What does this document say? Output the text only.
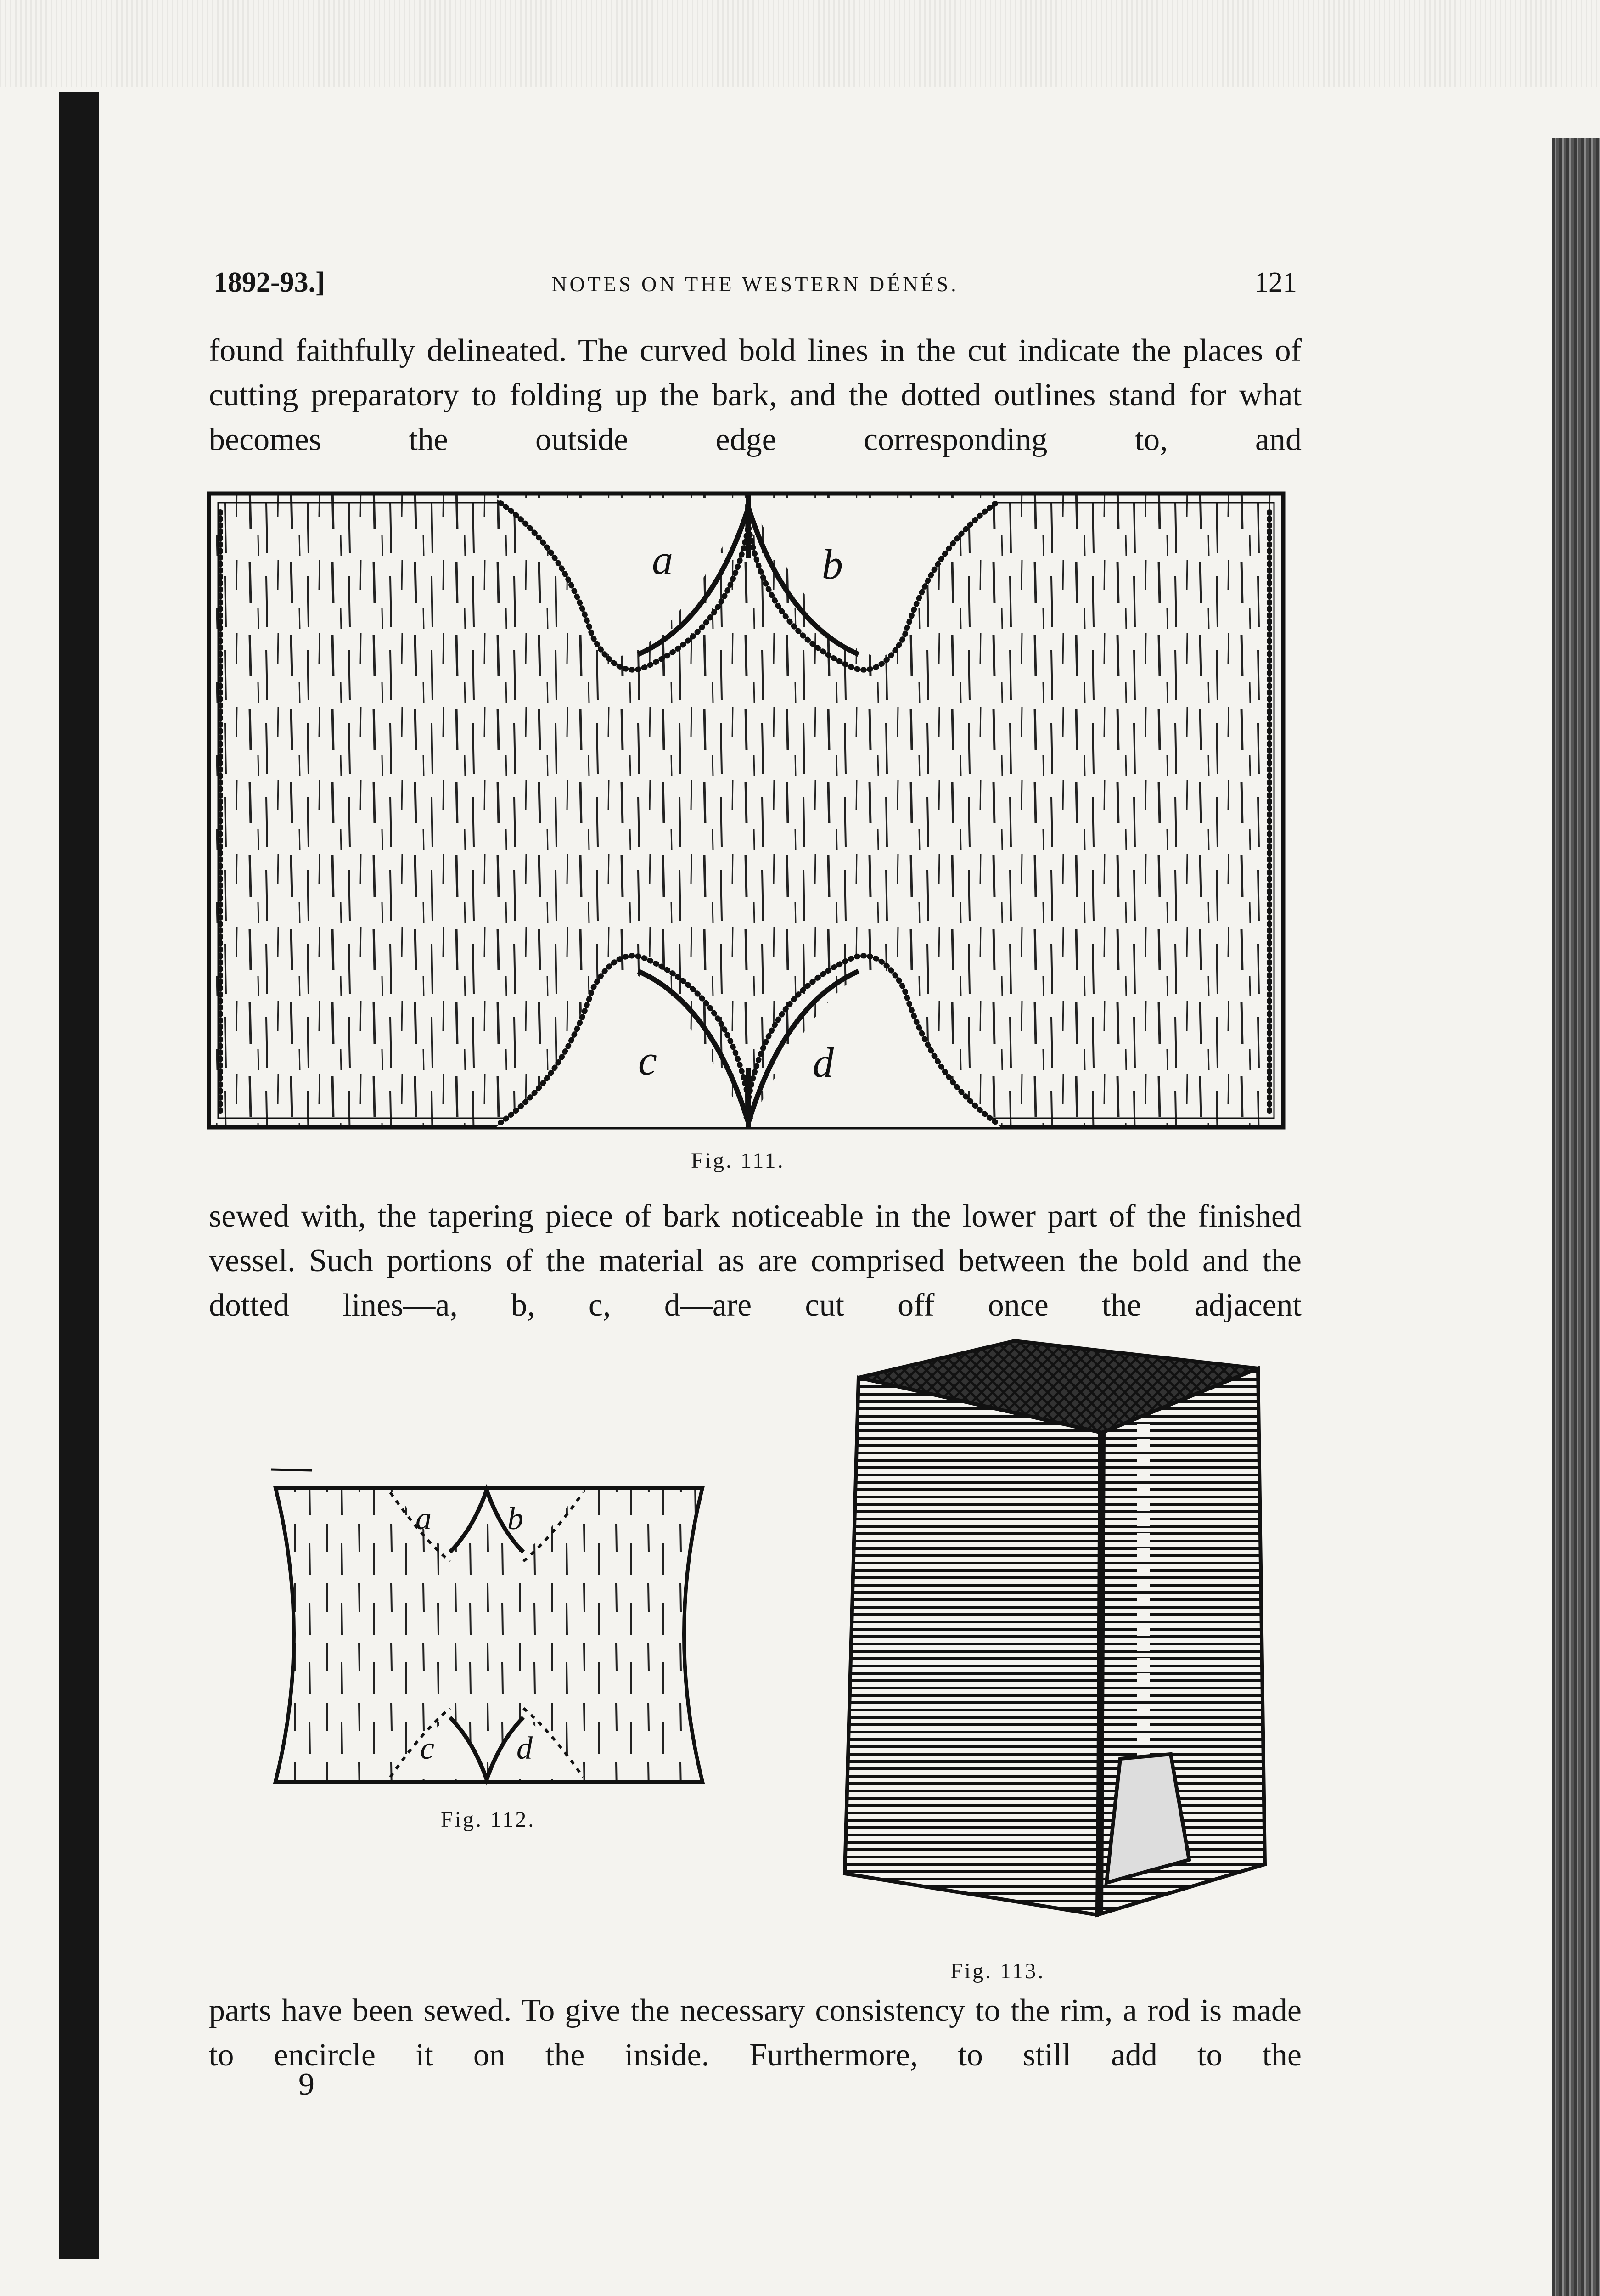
1892-93.]	NOTES ON THE WESTERN DÉNÉS.	121

found faithfully delineated. The curved bold lines in the cut indicate the places of cutting preparatory to folding up the bark, and the dotted outlines stand for what becomes the outside edge corresponding to, and

a	b
c	d
Fig. 111.

sewed with, the tapering piece of bark noticeable in the lower part of the finished vessel. Such portions of the material as are comprised between the bold and the dotted lines—a, b, c, d—are cut off once the adjacent

a b
c	d
Fig. 112.
Fig. 113.

parts have been sewed. To give the necessary consistency to the rim, a rod is made to encircle it on the inside. Furthermore, to still add to the

9
